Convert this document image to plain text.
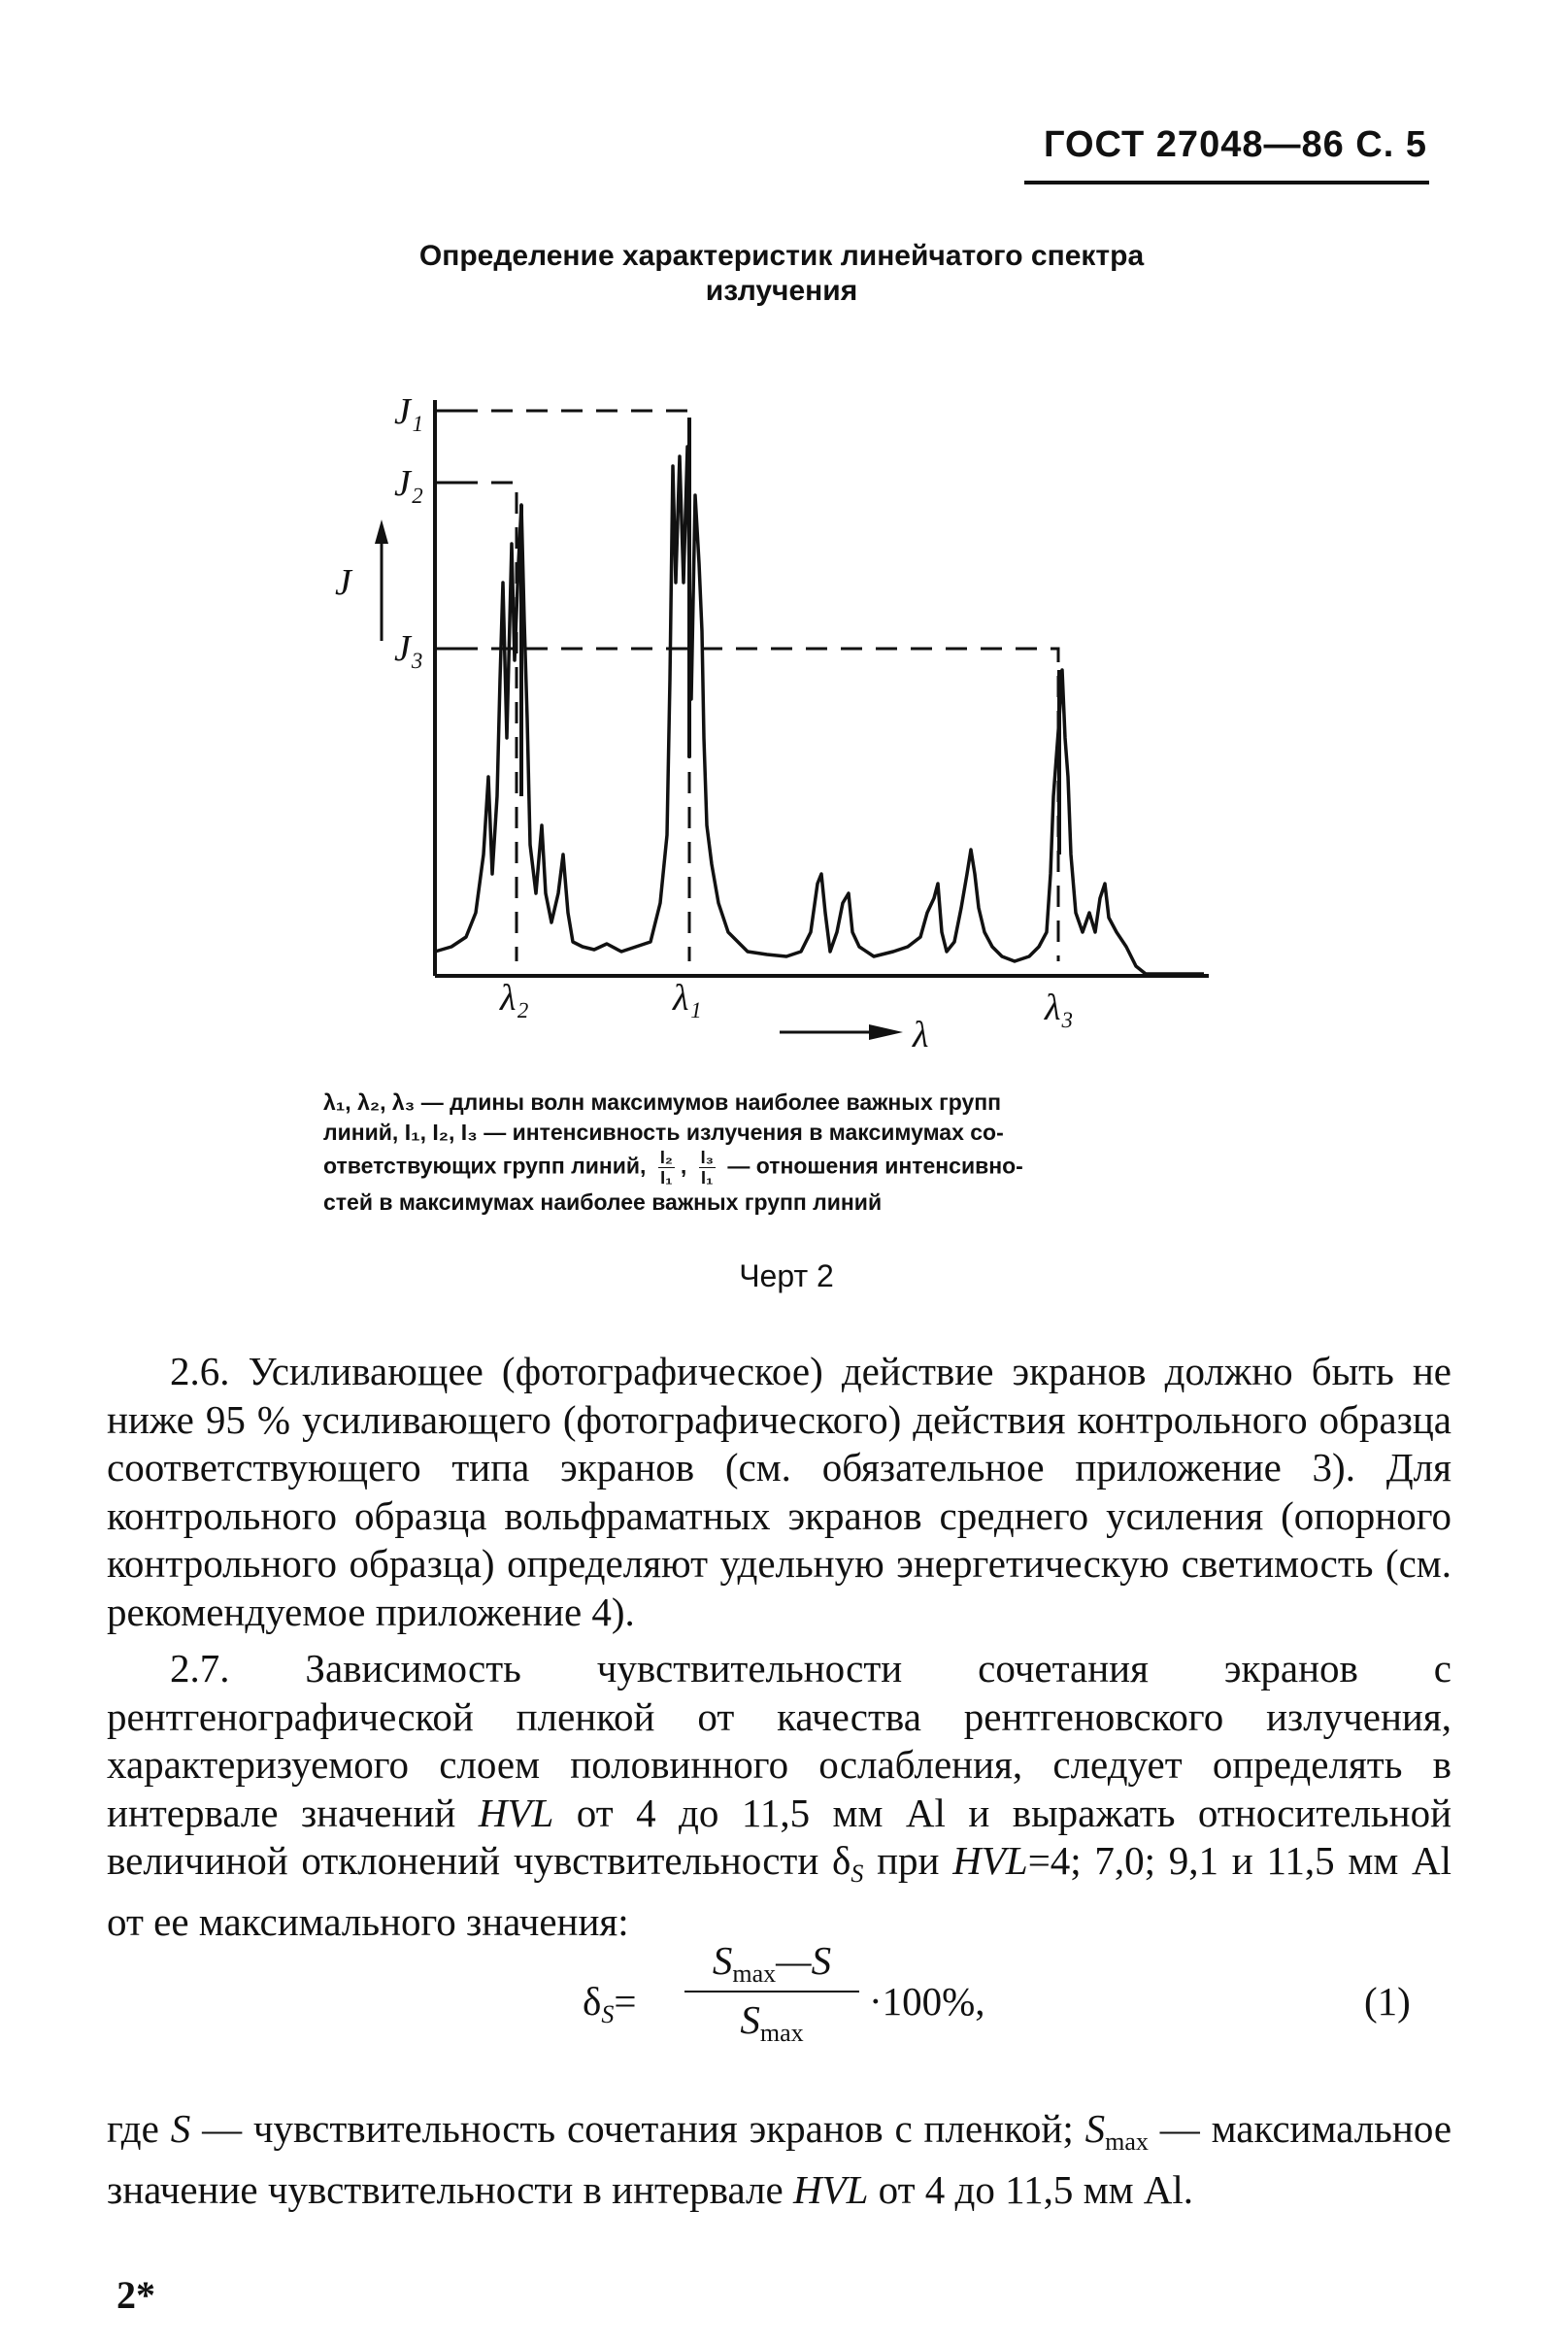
ГОСТ 27048—86 С. 5
Определение характеристик линейчатого спектра
излучения
J₁
J₂
J
J₃
λ₂	λ₁	λ₃
λ
λ₁, λ₂, λ₃ — длины волн максимумов наиболее важных групп
линий, I₁, I₂, I₃ — интенсивность излучения в максимумах со-
ответствующих групп линий, $\frac{\text{I₂}}{\text{I₁}}$ , $\frac{\text{I₃}}{\text{I₁}}$ — отношения интенсивно-
стей в максимумах наиболее важных групп линий
Черт 2
2.6. Усиливающее (фотографическое) действие экранов должно быть не ниже 95 % усиливающего (фотографического) действия контрольного образца соответствующего типа экранов (см. обязательное приложение 3). Для контрольного образца вольфраматных экранов среднего усиления (опорного контрольного образца) определяют удельную энергетическую светимость (см. рекомендуемое приложение 4).
2.7. Зависимость чувствительности сочетания экранов с рентгенографической пленкой от качества рентгеновского излучения, характеризуемого слоем половинного ослабления, следует определять в интервале значений HVL от 4 до 11,5 мм Al и выражать относительной величиной отклонений чувствительности $\delta_S$ при HVL=4; 7,0; 9,1 и 11,5 мм Al от ее максимального значения:
$\delta_S=$
$S_{max}—S$
$S_{max}$
·100%,	(1)
где S — чувствительность сочетания экранов с пленкой; $S_{max}$ — максимальное значение чувствительности в интервале HVL от 4 до 11,5 мм Al.
2*
